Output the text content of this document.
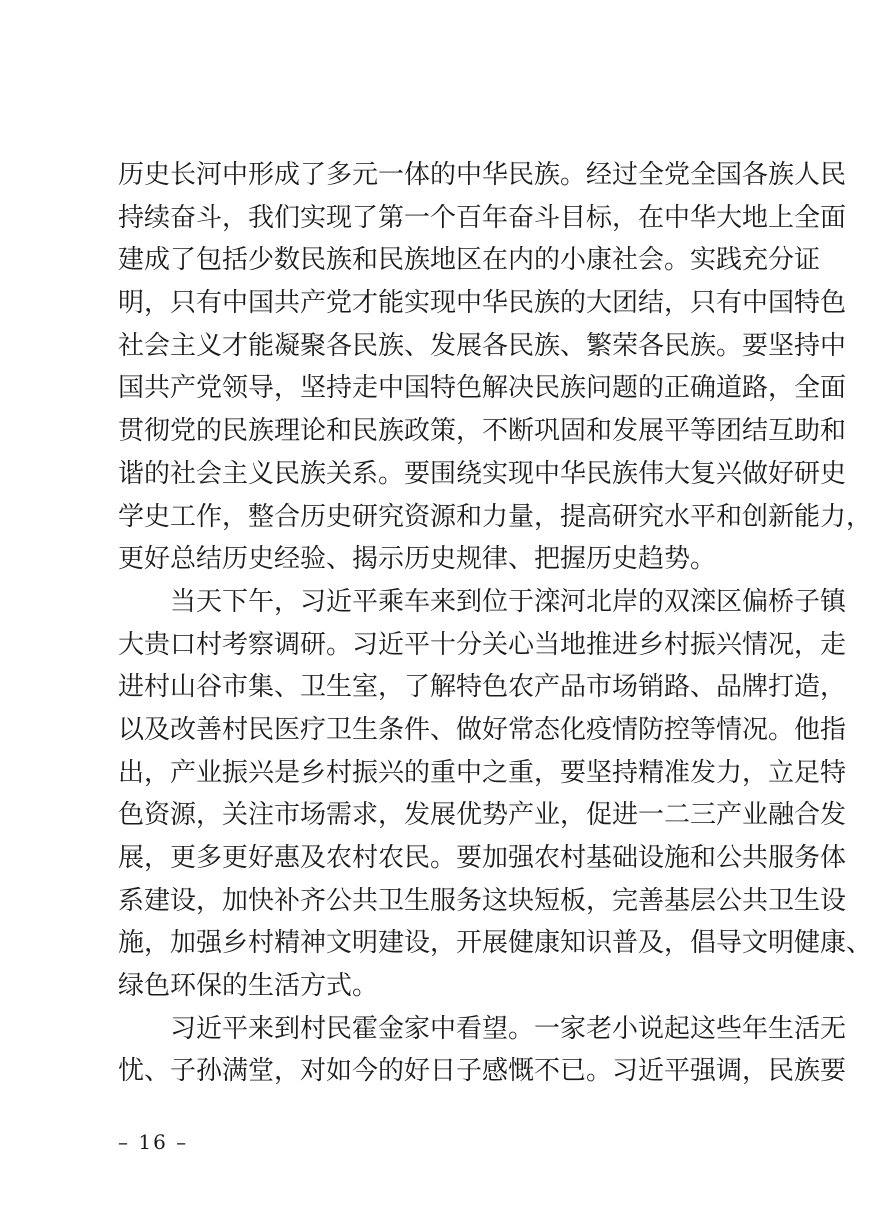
历史长河中形成了多元一体的中华民族。经过全党全国各族人民
持续奋斗，我们实现了第一个百年奋斗目标，在中华大地上全面
建成了包括少数民族和民族地区在内的小康社会。实践充分证
明，只有中国共产党才能实现中华民族的大团结，只有中国特色
社会主义才能凝聚各民族、发展各民族、繁荣各民族。要坚持中
国共产党领导，坚持走中国特色解决民族问题的正确道路，全面
贯彻党的民族理论和民族政策，不断巩固和发展平等团结互助和
谐的社会主义民族关系。要围绕实现中华民族伟大复兴做好研史
学史工作，整合历史研究资源和力量，提高研究水平和创新能力，
更好总结历史经验、揭示历史规律、把握历史趋势。
当天下午，习近平乘车来到位于滦河北岸的双滦区偏桥子镇
大贵口村考察调研。习近平十分关心当地推进乡村振兴情况，走
进村山谷市集、卫生室，了解特色农产品市场销路、品牌打造，
以及改善村民医疗卫生条件、做好常态化疫情防控等情况。他指
出，产业振兴是乡村振兴的重中之重，要坚持精准发力，立足特
色资源，关注市场需求，发展优势产业，促进一二三产业融合发
展，更多更好惠及农村农民。要加强农村基础设施和公共服务体
系建设，加快补齐公共卫生服务这块短板，完善基层公共卫生设
施，加强乡村精神文明建设，开展健康知识普及，倡导文明健康、
绿色环保的生活方式。
习近平来到村民霍金家中看望。一家老小说起这些年生活无
忧、子孙满堂，对如今的好日子感慨不已。习近平强调，民族要
– 16 –
